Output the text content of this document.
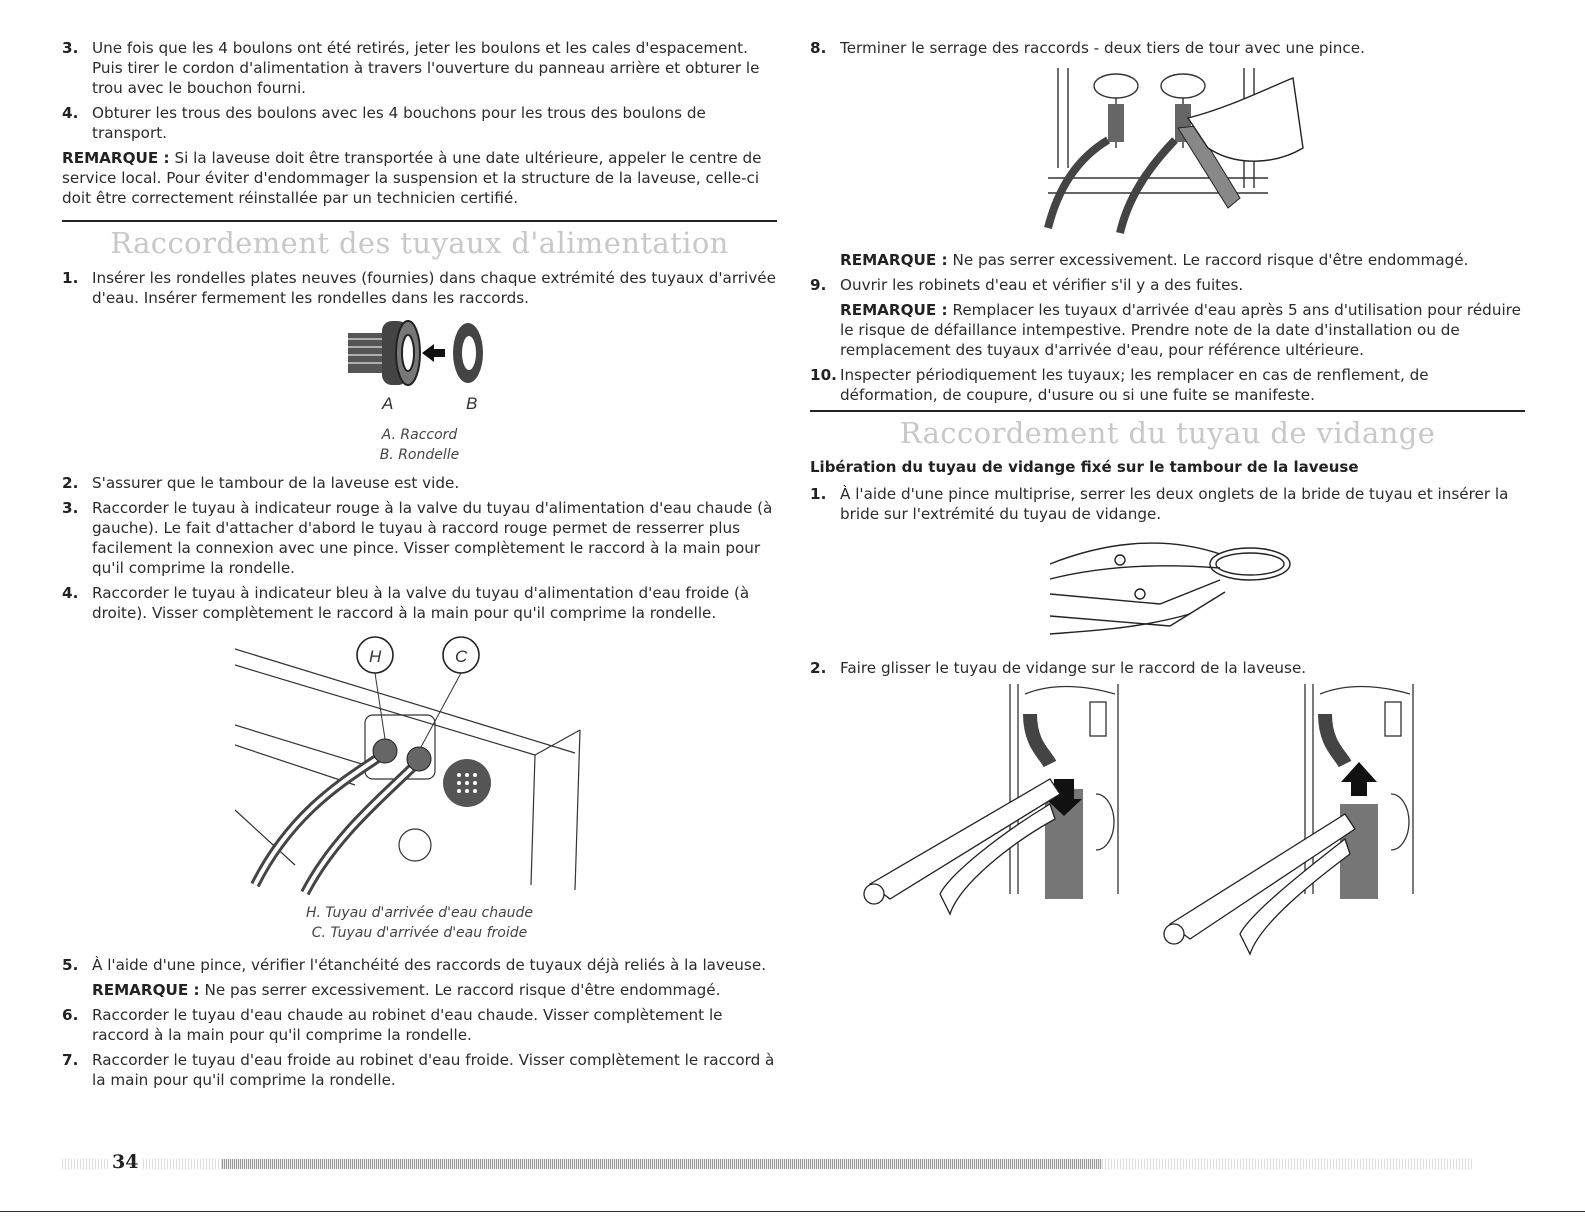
3. Une fois que les 4 boulons ont été retirés, jeter les boulons et les cales d'espacement. Puis tirer le cordon d'alimentation à travers l'ouverture du panneau arrière et obturer le trou avec le bouchon fourni.

4. Obturer les trous des boulons avec les 4 bouchons pour les trous des boulons de transport.

REMARQUE : Si la laveuse doit être transportée à une date ultérieure, appeler le centre de service local. Pour éviter d'endommager la suspension et la structure de la laveuse, celle-ci doit être correctement réinstallée par un technicien certifié.
Raccordement des tuyaux d'alimentation
1. Insérer les rondelles plates neuves (fournies) dans chaque extrémité des tuyaux d'arrivée d'eau. Insérer fermement les rondelles dans les raccords.

A	B
A. Raccord
B. Rondelle
2. S'assurer que le tambour de la laveuse est vide.

3. Raccorder le tuyau à indicateur rouge à la valve du tuyau d'alimentation d'eau chaude (à gauche). Le fait d'attacher d'abord le tuyau à raccord rouge permet de resserrer plus facilement la connexion avec une pince. Visser complètement le raccord à la main pour qu'il comprime la rondelle.

4. Raccorder le tuyau à indicateur bleu à la valve du tuyau d'alimentation d'eau froide (à droite). Visser complètement le raccord à la main pour qu'il comprime la rondelle.

H	C
H. Tuyau d'arrivée d'eau chaude
C. Tuyau d'arrivée d'eau froide
5. À l'aide d'une pince, vérifier l'étanchéité des raccords de tuyaux déjà reliés à la laveuse.

REMARQUE : Ne pas serrer excessivement. Le raccord risque d'être endommagé.
6. Raccorder le tuyau d'eau chaude au robinet d'eau chaude. Visser complètement le raccord à la main pour qu'il comprime la rondelle.

7. Raccorder le tuyau d'eau froide au robinet d'eau froide. Visser complètement le raccord à la main pour qu'il comprime la rondelle.

8. Terminer le serrage des raccords - deux tiers de tour avec une pince.

REMARQUE : Ne pas serrer excessivement. Le raccord risque d'être endommagé.
9. Ouvrir les robinets d'eau et vérifier s'il y a des fuites.

REMARQUE : Remplacer les tuyaux d'arrivée d'eau après 5 ans d'utilisation pour réduire le risque de défaillance intempestive. Prendre note de la date d'installation ou de remplacement des tuyaux d'arrivée d'eau, pour référence ultérieure.
10. Inspecter périodiquement les tuyaux; les remplacer en cas de renflement, de déformation, de coupure, d'usure ou si une fuite se manifeste.

Raccordement du tuyau de vidange
Libération du tuyau de vidange fixé sur le tambour de la laveuse
1. À l'aide d'une pince multiprise, serrer les deux onglets de la bride de tuyau et insérer la bride sur l'extrémité du tuyau de vidange.

2. Faire glisser le tuyau de vidange sur le raccord de la laveuse.

34
